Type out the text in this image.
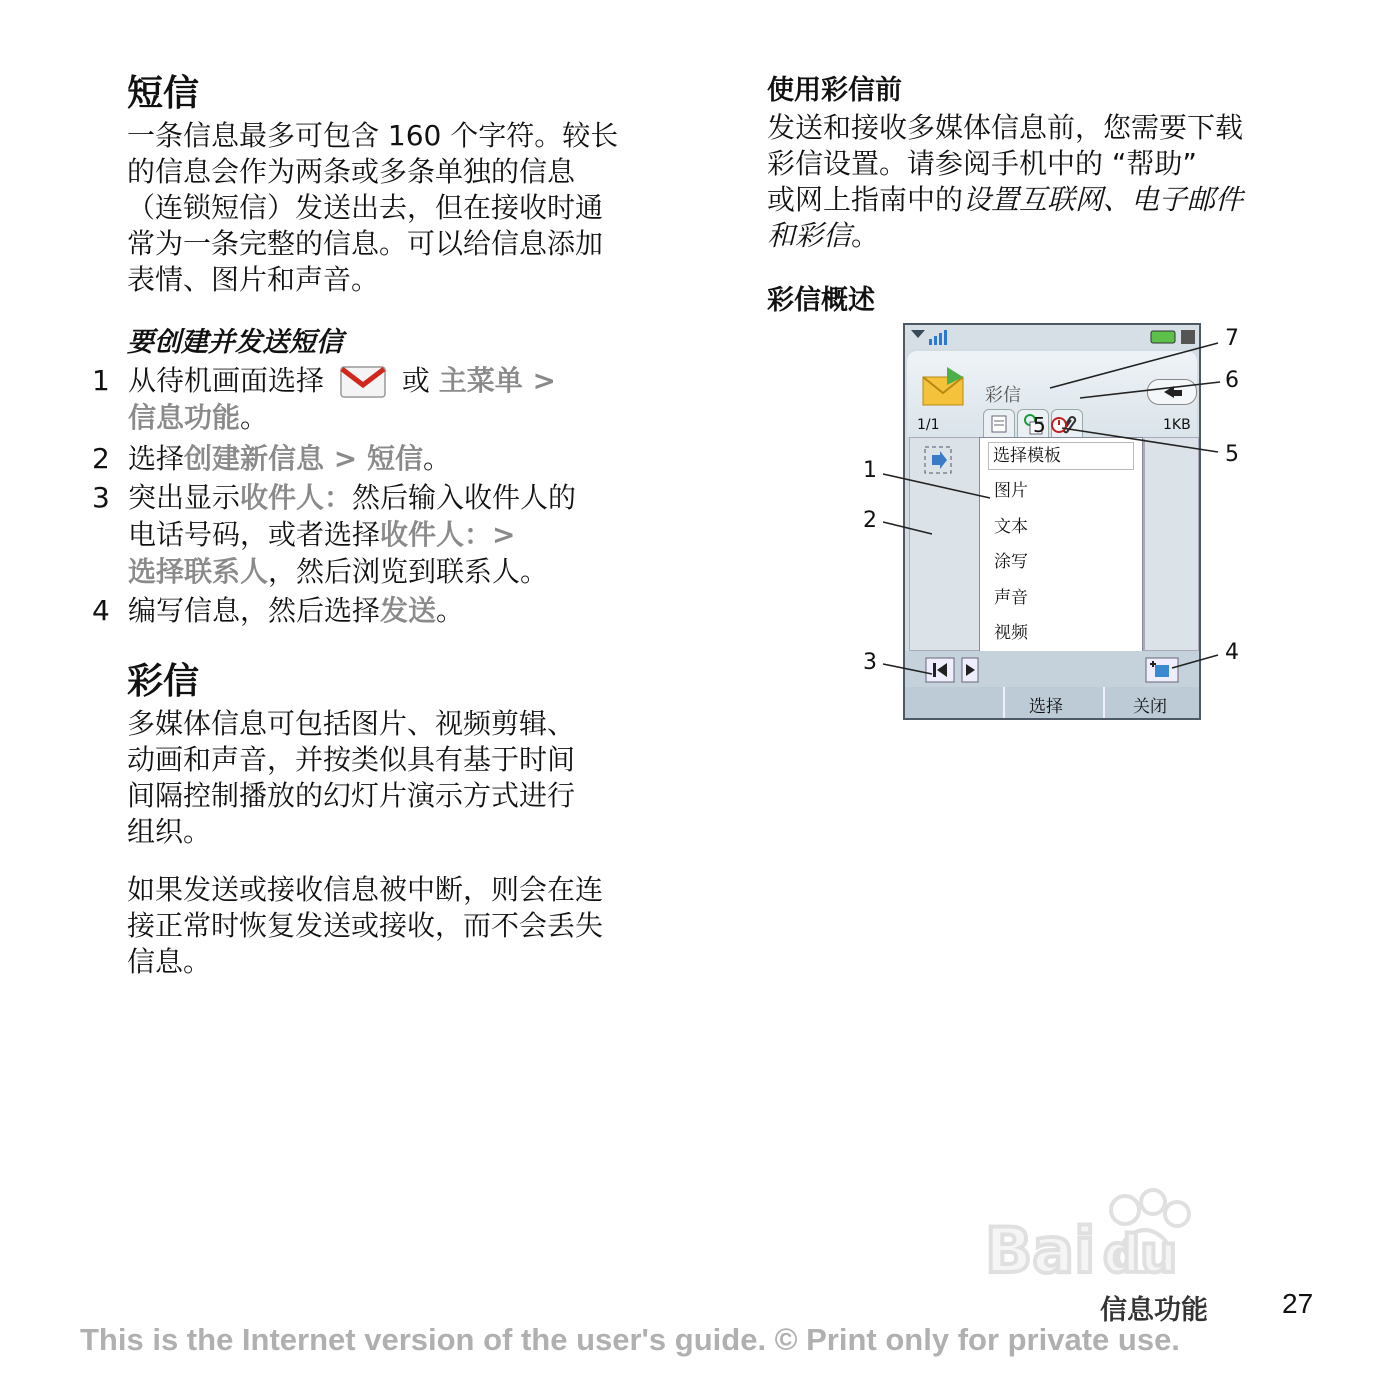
短信

一条信息最多可包含 160 个字符。较长

的信息会作为两条或多条单独的信息

（连锁短信）发送出去，但在接收时通

常为一条完整的信息。可以给信息添加

表情、图片和声音。

要创建并发送短信
1 从待机画面选择	或 主菜单 >
信息功能。
2 选择创建新信息 > 短信。
3 突出显示收件人：然后输入收件人的
电话号码，或者选择收件人：>
选择联系人，然后浏览到联系人。
4 编写信息，然后选择发送。
彩信

多媒体信息可包括图片、视频剪辑、

动画和声音，并按类似具有基于时间

间隔控制播放的幻灯片演示方式进行

组织。

如果发送或接收信息被中断，则会在连

接正常时恢复发送或接收，而不会丢失

信息。

使用彩信前

发送和接收多媒体信息前，您需要下载

彩信设置。请参阅手机中的 “帮助”

或网上指南中的设置互联网、电子邮件

和彩信。

彩信概述
彩信
1/1	5	1KB
选择模板
图片
文本
涂写
声音
视频
选择	关闭
7
6
5
4
1
2
3
Bai du
信息功能	27
This is the Internet version of the user's guide. © Print only for private use.
